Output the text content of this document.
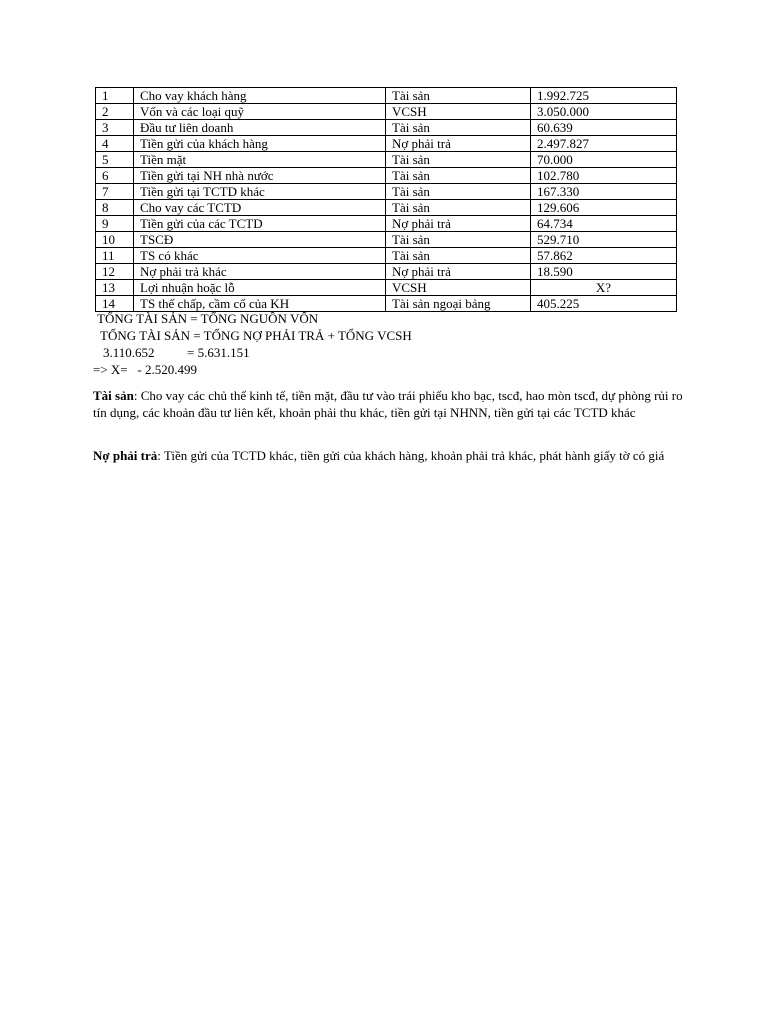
1	Cho vay khách hàng	Tài sản	1.992.725
2	Vốn và các loại quỹ	VCSH	3.050.000
3	Đầu tư liên doanh	Tài sản	60.639
4	Tiền gửi của khách hàng	Nợ phải trả	2.497.827
5	Tiền mặt	Tài sản	70.000
6	Tiền gửi tại NH nhà nước	Tài sản	102.780
7	Tiền gửi tại TCTD khác	Tài sản	167.330
8	Cho vay các TCTD	Tài sản	129.606
9	Tiền gửi của các TCTD	Nợ phải trả	64.734
10	TSCĐ	Tài sản	529.710
11	TS có khác	Tài sản	57.862
12	Nợ phải trả khác	Nợ phải trả	18.590
13	Lợi nhuận hoặc lỗ	VCSH	X?
14	TS thế chấp, cầm cố của KH	Tài sản ngoại bảng	405.225
TỔNG TÀI SẢN = TỔNG NGUỒN VỐN
TỔNG TÀI SẢN = TỔNG NỢ PHẢI TRẢ + TỔNG VCSH
3.110.652          = 5.631.151
=> X=   - 2.520.499

Tài sản: Cho vay các chủ thể kinh tế, tiền mặt, đầu tư vào trái phiếu kho bạc, tscđ, hao mòn tscđ, dự phòng rủi ro tín dụng, các khoản đầu tư liên kết, khoản phải thu khác, tiền gửi tại NHNN, tiền gửi tại các TCTD khác

Nợ phải trả: Tiền gửi của TCTD khác, tiền gửi của khách hàng, khoản phải trả khác, phát hành giấy tờ có giá
